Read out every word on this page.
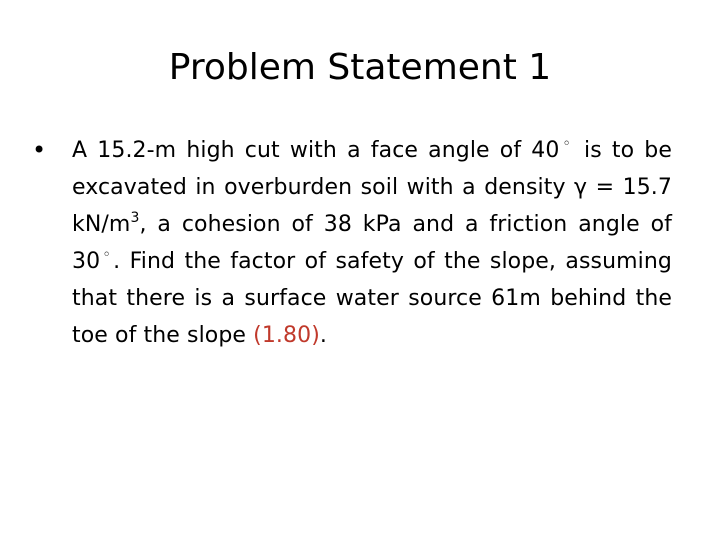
Problem Statement 1
•	A 15.2-m high cut with a face angle of 40◦ is to be excavated in overburden soil with a density γ = 15.7 $kN/m^3$, a cohesion of 38 kPa and a friction angle of 30◦. Find the factor of safety of the slope, assuming that there is a surface water source 61m behind the toe of the slope (1.80).
